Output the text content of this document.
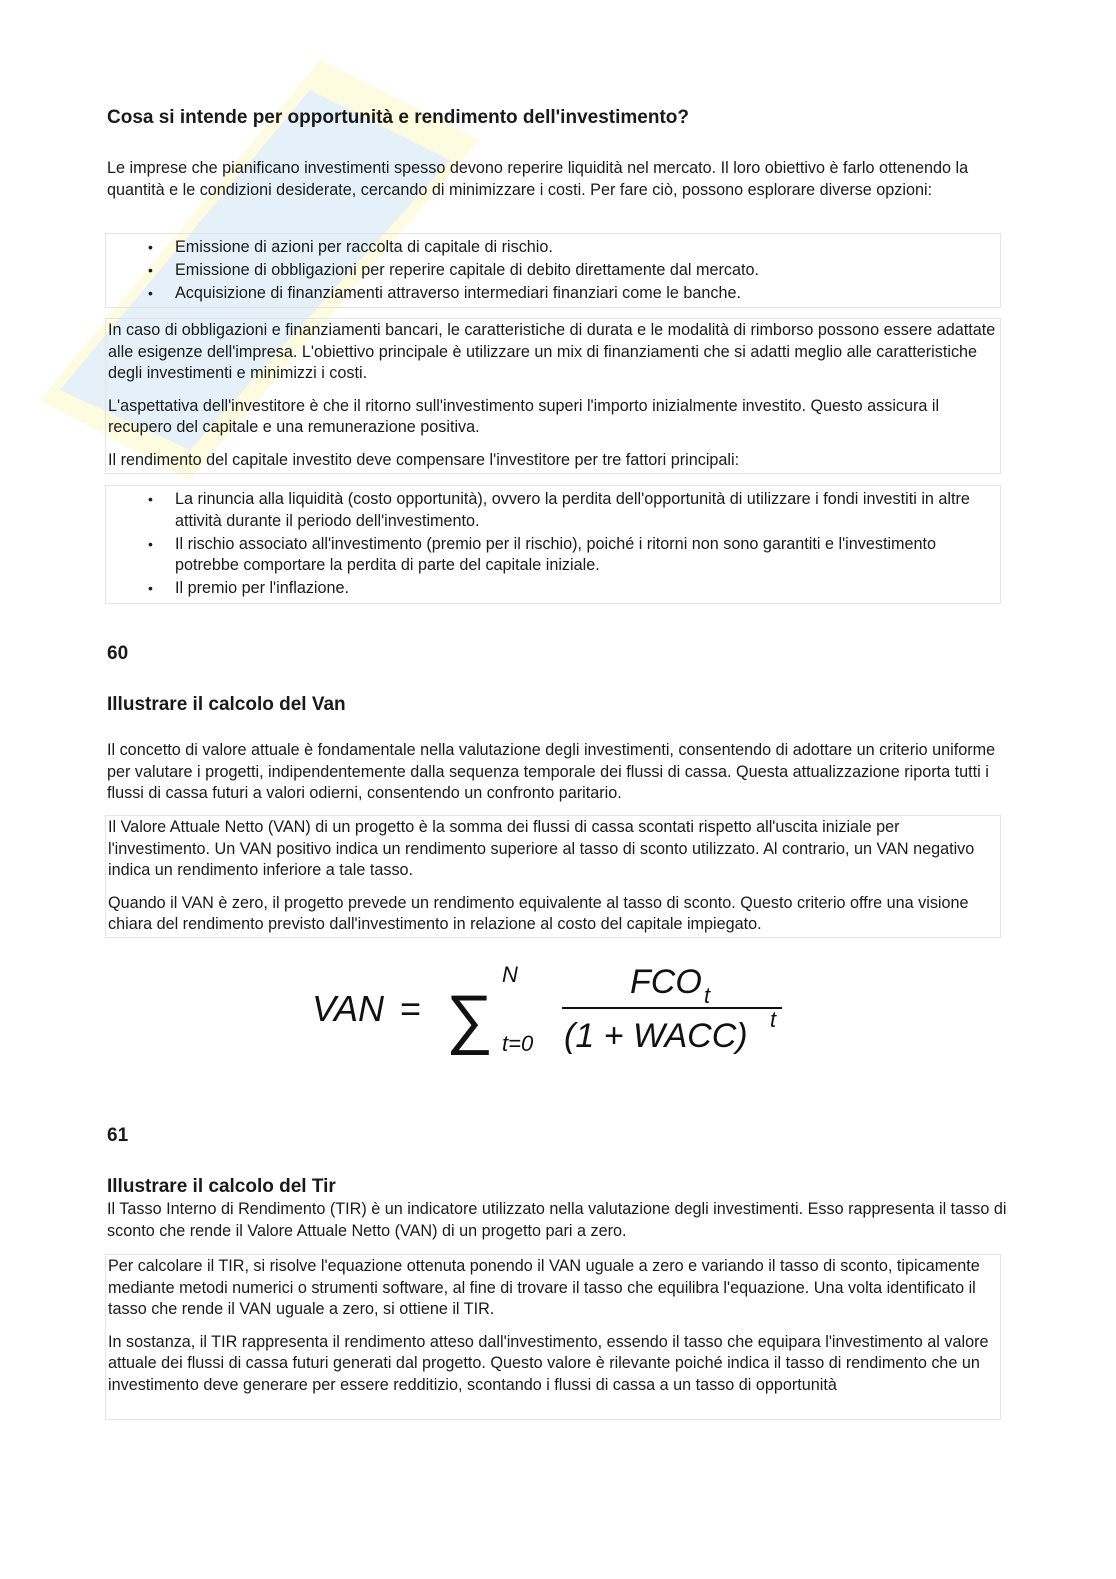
Cosa si intende per opportunità e rendimento dell'investimento?

Le imprese che pianificano investimenti spesso devono reperire liquidità nel mercato. Il loro obiettivo è farlo ottenendo la quantità e le condizioni desiderate, cercando di minimizzare i costi. Per fare ciò, possono esplorare diverse opzioni:

• Emissione di azioni per raccolta di capitale di rischio.
• Emissione di obbligazioni per reperire capitale di debito direttamente dal mercato.
• Acquisizione di finanziamenti attraverso intermediari finanziari come le banche.

In caso di obbligazioni e finanziamenti bancari, le caratteristiche di durata e le modalità di rimborso possono essere adattate alle esigenze dell'impresa. L'obiettivo principale è utilizzare un mix di finanziamenti che si adatti meglio alle caratteristiche degli investimenti e minimizzi i costi.

L'aspettativa dell'investitore è che il ritorno sull'investimento superi l'importo inizialmente investito. Questo assicura il recupero del capitale e una remunerazione positiva.

Il rendimento del capitale investito deve compensare l'investitore per tre fattori principali:

• La rinuncia alla liquidità (costo opportunità), ovvero la perdita dell'opportunità di utilizzare i fondi investiti in altre attività durante il periodo dell'investimento.
• Il rischio associato all'investimento (premio per il rischio), poiché i ritorni non sono garantiti e l'investimento potrebbe comportare la perdita di parte del capitale iniziale.
• Il premio per l'inflazione.
60
Illustrare il calcolo del Van

Il concetto di valore attuale è fondamentale nella valutazione degli investimenti, consentendo di adottare un criterio uniforme per valutare i progetti, indipendentemente dalla sequenza temporale dei flussi di cassa. Questa attualizzazione riporta tutti i flussi di cassa futuri a valori odierni, consentendo un confronto paritario.

Il Valore Attuale Netto (VAN) di un progetto è la somma dei flussi di cassa scontati rispetto all'uscita iniziale per l'investimento. Un VAN positivo indica un rendimento superiore al tasso di sconto utilizzato. Al contrario, un VAN negativo indica un rendimento inferiore a tale tasso.

Quando il VAN è zero, il progetto prevede un rendimento equivalente al tasso di sconto. Questo criterio offre una visione chiara del rendimento previsto dall'investimento in relazione al costo del capitale impiegato.

VAN = ∑
N
t=0
FCO t
(1 + WACC) t
61
Illustrare il calcolo del Tir

Il Tasso Interno di Rendimento (TIR) è un indicatore utilizzato nella valutazione degli investimenti. Esso rappresenta il tasso di sconto che rende il Valore Attuale Netto (VAN) di un progetto pari a zero.

Per calcolare il TIR, si risolve l'equazione ottenuta ponendo il VAN uguale a zero e variando il tasso di sconto, tipicamente mediante metodi numerici o strumenti software, al fine di trovare il tasso che equilibra l'equazione. Una volta identificato il tasso che rende il VAN uguale a zero, si ottiene il TIR.

In sostanza, il TIR rappresenta il rendimento atteso dall'investimento, essendo il tasso che equipara l'investimento al valore attuale dei flussi di cassa futuri generati dal progetto. Questo valore è rilevante poiché indica il tasso di rendimento che un investimento deve generare per essere redditizio, scontando i flussi di cassa a un tasso di opportunità
